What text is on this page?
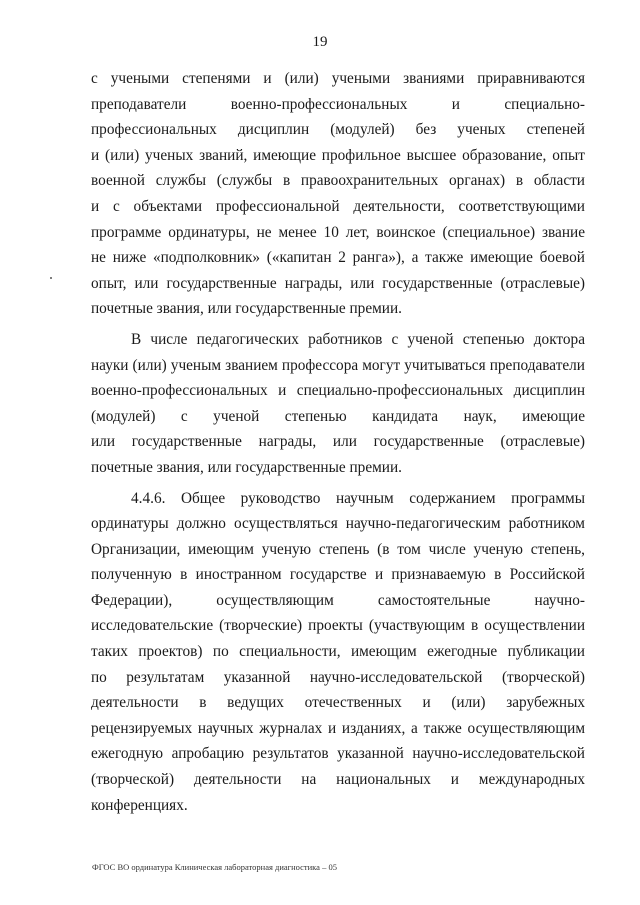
19

с учеными степенями и (или) учеными званиями приравниваются
преподаватели военно-профессиональных и специально-
профессиональных дисциплин (модулей) без ученых степеней
и (или) ученых званий, имеющие профильное высшее образование, опыт
военной службы (службы в правоохранительных органах) в области
и с объектами профессиональной деятельности, соответствующими
программе ординатуры, не менее 10 лет, воинское (специальное) звание
не ниже «подполковник» («капитан 2 ранга»), а также имеющие боевой
опыт, или государственные награды, или государственные (отраслевые)
почетные звания, или государственные премии.

В числе педагогических работников с ученой степенью доктора
науки (или) ученым званием профессора могут учитываться преподаватели
военно-профессиональных и специально-профессиональных дисциплин
(модулей) с ученой степенью кандидата наук, имеющие
или государственные награды, или государственные (отраслевые)
почетные звания, или государственные премии.

4.4.6. Общее руководство научным содержанием программы
ординатуры должно осуществляться научно-педагогическим работником
Организации, имеющим ученую степень (в том числе ученую степень,
полученную в иностранном государстве и признаваемую в Российской
Федерации), осуществляющим самостоятельные научно-
исследовательские (творческие) проекты (участвующим в осуществлении
таких проектов) по специальности, имеющим ежегодные публикации
по результатам указанной научно-исследовательской (творческой)
деятельности в ведущих отечественных и (или) зарубежных
рецензируемых научных журналах и изданиях, а также осуществляющим
ежегодную апробацию результатов указанной научно-исследовательской
(творческой) деятельности на национальных и международных
конференциях.

ФГОС ВО ординатура Клиническая лабораторная диагностика – 05
